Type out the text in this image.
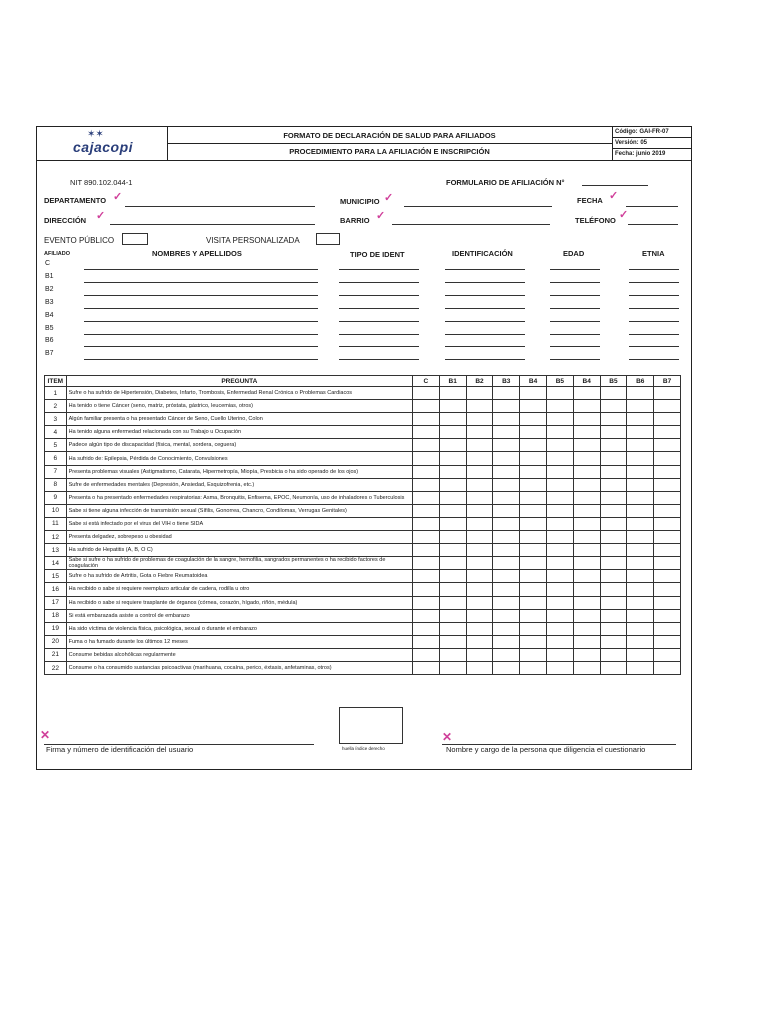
✶✶
cajacopi
FORMATO DE DECLARACIÓN DE SALUD PARA AFILIADOS
PROCEDIMIENTO PARA LA AFILIACIÓN E INSCRIPCIÓN
Código: GAI-FR-07
Versión: 05
Fecha: junio 2019
NIT 890.102.044-1	FORMULARIO DE AFILIACIÓN N°
DEPARTAMENTO ✓	MUNICIPIO ✓	FECHA ✓
DIRECCIÓN ✓	BARRIO ✓	TELÉFONO ✓
EVENTO PÚBLICO	VISITA PERSONALIZADA
AFILIADO	NOMBRES Y APELLIDOS	TIPO DE IDENT	IDENTIFICACIÓN	EDAD	ETNIA
C
B1
B2
B3
B4
B5
B6
B7
ITEM	PREGUNTA	C	B1	B2	B3	B4	B5	B4	B5	B6	B7
1	Sufre o ha sufrido de Hipertensión, Diabetes, Infarto, Trombosis, Enfermedad Renal Crónica o Problemas Cardiacos										
2	Ha tenido o tiene Cáncer (seno, matriz, próstata, gástrico, leucemias, otros)										
3	Algún familiar presenta o ha presentado Cáncer de Seno, Cuello Uterino, Colon										
4	Ha tenido alguna enfermedad relacionada con su Trabajo u Ocupación										
5	Padece algún tipo de discapacidad (física, mental, sordera, ceguera)										
6	Ha sufrido de: Epilepsia, Pérdida de Conocimiento, Convulsiones										
7	Presenta problemas visuales (Astigmatismo, Catarata, Hipermetropía, Miopía, Presbicia o ha sido operado de los ojos)										
8	Sufre de enfermedades mentales (Depresión, Ansiedad, Esquizofrenia, etc.)										
9	Presenta o ha presentado enfermedades respiratorias: Asma, Bronquitis, Enfisema, EPOC, Neumonía, uso de inhaladores o Tuberculosis										
10	Sabe si tiene alguna infección de transmisión sexual (Sífilis, Gonorrea, Chancro, Condilomas, Verrugas Genitales)										
11	Sabe si está infectado por el virus del VIH o tiene SIDA										
12	Presenta delgadez, sobrepeso u obesidad										
13	Ha sufrido de Hepatitis (A, B, O C)										
14	Sabe si sufre o ha sufrido de problemas de coagulación de la sangre, hemofilia, sangrados permanentes o ha recibido factores de coagulación										
15	Sufre o ha sufrido de Artritis, Gota o Fiebre Reumatoidea										
16	Ha recibido o sabe si requiere reemplazo articular de cadera, rodilla u otro										
17	Ha recibido o sabe si requiere trasplante de órganos (córnea, corazón, hígado, riñón, médula)										
18	Si está embarazada asiste a control de embarazo										
19	Ha sido víctima de violencia física, psicológica, sexual o durante el embarazo										
20	Fuma o ha fumado durante los últimos 12 meses										
21	Consume bebidas alcohólicas regularmente										
22	Consume o ha consumido sustancias psicoactivas (marihuana, cocaína, perico, éxtasis, anfetaminas, otros)										
✕
Firma y número de identificación del usuario	huella índice derecho
✕
Nombre y cargo de la persona que diligencia el cuestionario
